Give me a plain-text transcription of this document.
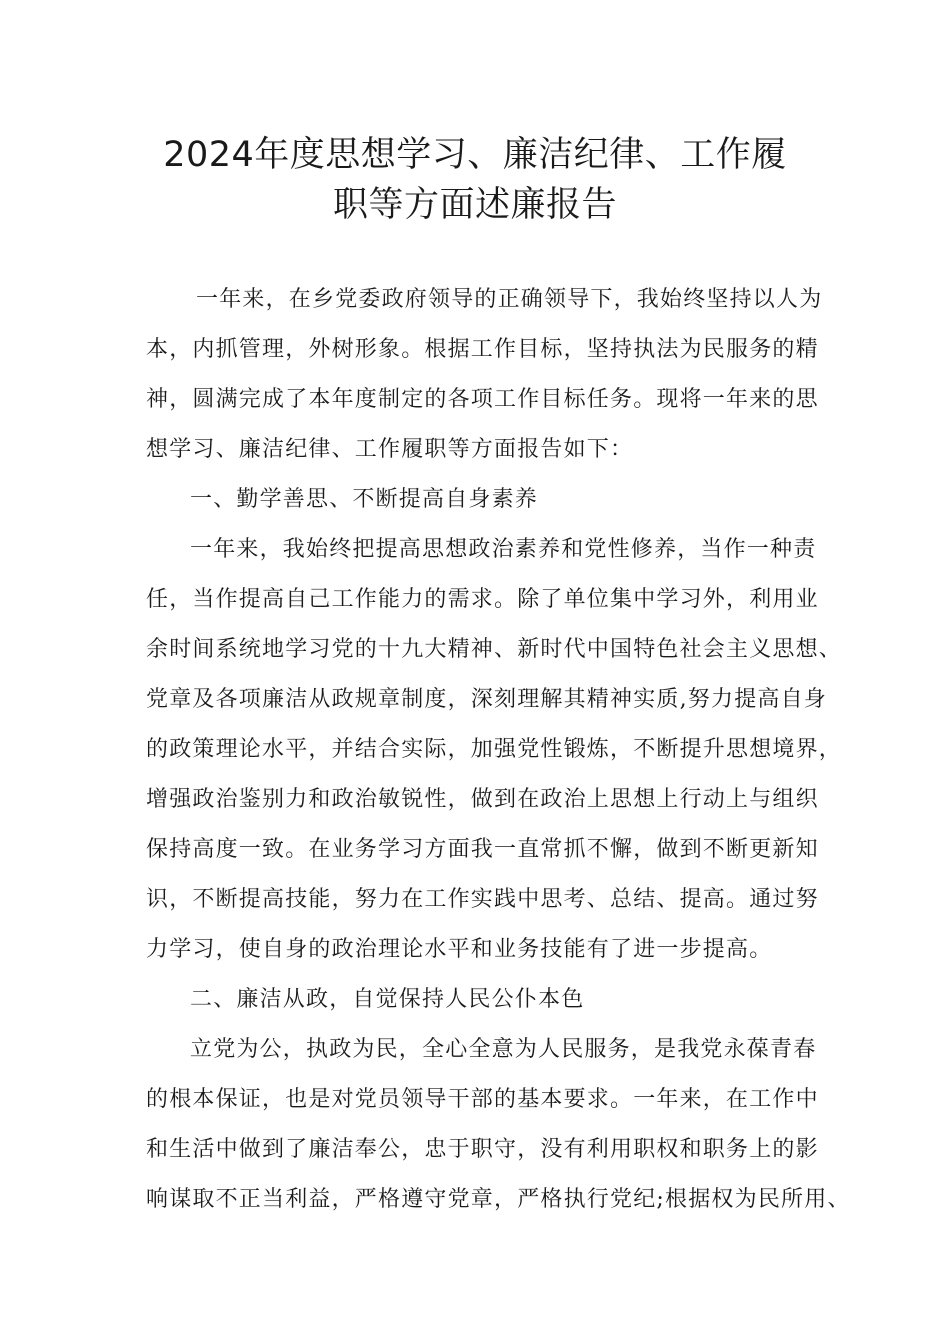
2024年度思想学习、廉洁纪律、工作履
职等方面述廉报告
一年来，在乡党委政府领导的正确领导下，我始终坚持以人为
本，内抓管理，外树形象。根据工作目标，坚持执法为民服务的精
神，圆满完成了本年度制定的各项工作目标任务。现将一年来的思
想学习、廉洁纪律、工作履职等方面报告如下：
一、勤学善思、不断提高自身素养
一年来，我始终把提高思想政治素养和党性修养，当作一种责
任，当作提高自己工作能力的需求。除了单位集中学习外，利用业
余时间系统地学习党的十九大精神、新时代中国特色社会主义思想、
党章及各项廉洁从政规章制度，深刻理解其精神实质,努力提高自身
的政策理论水平，并结合实际，加强党性锻炼，不断提升思想境界，
增强政治鉴别力和政治敏锐性，做到在政治上思想上行动上与组织
保持高度一致。在业务学习方面我一直常抓不懈，做到不断更新知
识，不断提高技能，努力在工作实践中思考、总结、提高。通过努
力学习，使自身的政治理论水平和业务技能有了进一步提高。
二、廉洁从政，自觉保持人民公仆本色
立党为公，执政为民，全心全意为人民服务，是我党永葆青春
的根本保证，也是对党员领导干部的基本要求。一年来，在工作中
和生活中做到了廉洁奉公，忠于职守，没有利用职权和职务上的影
响谋取不正当利益，严格遵守党章，严格执行党纪;根据权为民所用、
